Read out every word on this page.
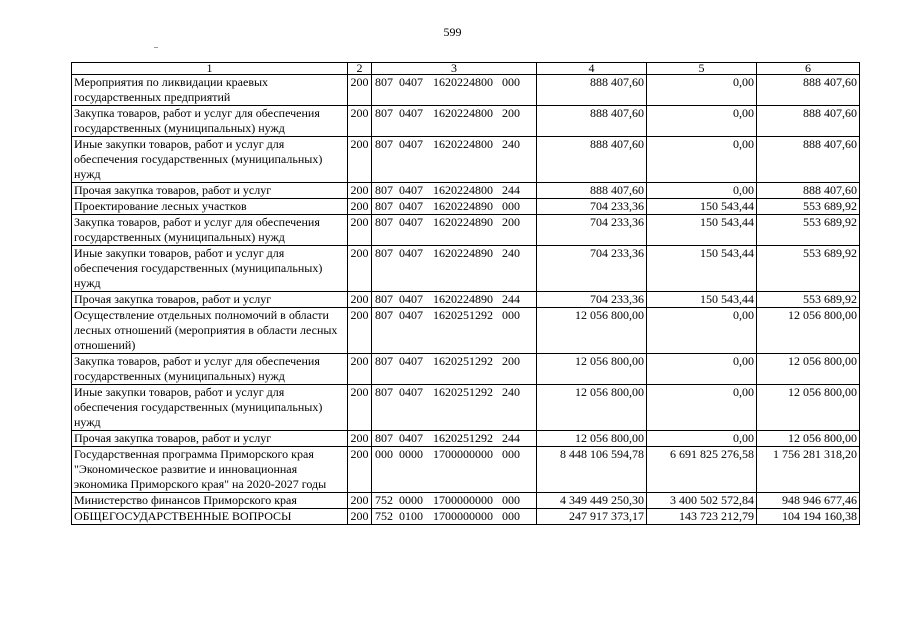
599
1	2	3	4	5	6
Мероприятия по ликвидации краевых государственных предприятий	200	807 0407 1620224800 000	888 407,60	0,00	888 407,60
Закупка товаров, работ и услуг для обеспечения государственных (муниципальных) нужд	200	807 0407 1620224800 200	888 407,60	0,00	888 407,60
Иные закупки товаров, работ и услуг для обеспечения государственных (муниципальных) нужд	200	807 0407 1620224800 240	888 407,60	0,00	888 407,60
Прочая закупка товаров, работ и услуг	200	807 0407 1620224800 244	888 407,60	0,00	888 407,60
Проектирование лесных участков	200	807 0407 1620224890 000	704 233,36	150 543,44	553 689,92
Закупка товаров, работ и услуг для обеспечения государственных (муниципальных) нужд	200	807 0407 1620224890 200	704 233,36	150 543,44	553 689,92
Иные закупки товаров, работ и услуг для обеспечения государственных (муниципальных) нужд	200	807 0407 1620224890 240	704 233,36	150 543,44	553 689,92
Прочая закупка товаров, работ и услуг	200	807 0407 1620224890 244	704 233,36	150 543,44	553 689,92
Осуществление отдельных полномочий в области лесных отношений (мероприятия в области лесных отношений)	200	807 0407 1620251292 000	12 056 800,00	0,00	12 056 800,00
Закупка товаров, работ и услуг для обеспечения государственных (муниципальных) нужд	200	807 0407 1620251292 200	12 056 800,00	0,00	12 056 800,00
Иные закупки товаров, работ и услуг для обеспечения государственных (муниципальных) нужд	200	807 0407 1620251292 240	12 056 800,00	0,00	12 056 800,00
Прочая закупка товаров, работ и услуг	200	807 0407 1620251292 244	12 056 800,00	0,00	12 056 800,00
Государственная программа Приморского края "Экономическое развитие и инновационная экономика Приморского края" на 2020-2027 годы	200	000 0000 1700000000 000	8 448 106 594,78	6 691 825 276,58	1 756 281 318,20
Министерство финансов Приморского края	200	752 0000 1700000000 000	4 349 449 250,30	3 400 502 572,84	948 946 677,46
ОБЩЕГОСУДАРСТВЕННЫЕ ВОПРОСЫ	200	752 0100 1700000000 000	247 917 373,17	143 723 212,79	104 194 160,38
